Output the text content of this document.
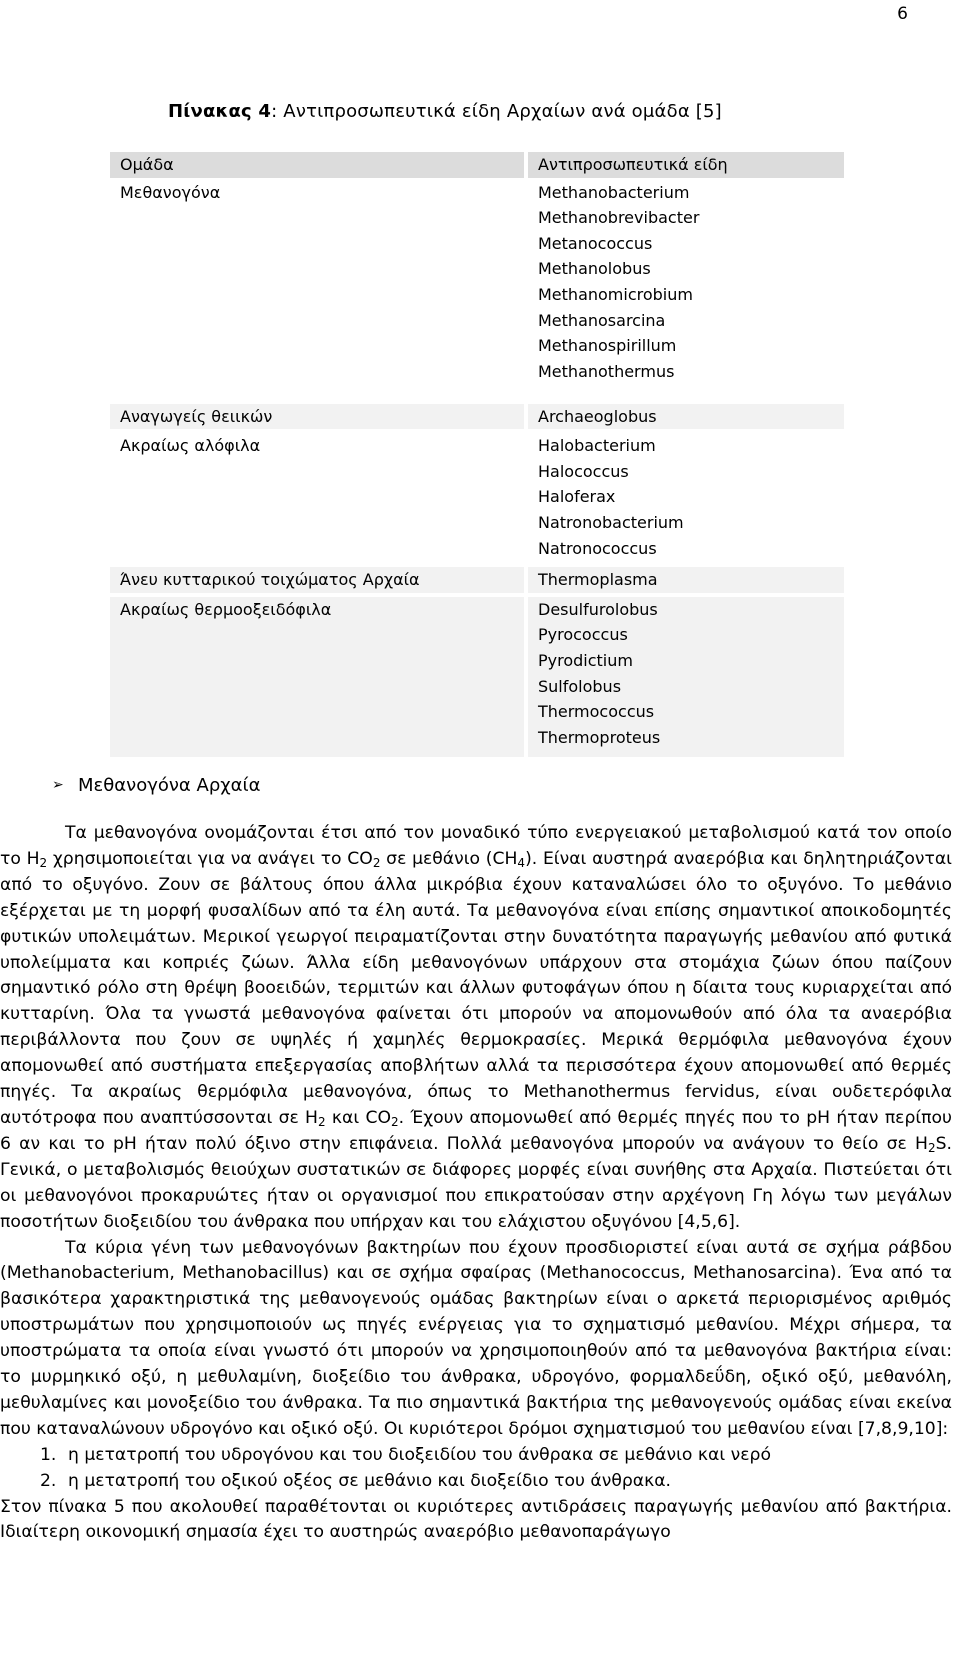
6
Πίνακας 4: Αντιπροσωπευτικά είδη Αρχαίων ανά ομάδα [5]
Ομάδα	Αντιπροσωπευτικά είδη
Μεθανογόνα	Methanobacterium
Methanobrevibacter
Metanococcus
Methanolobus
Methanomicrobium
Methanosarcina
Methanospirillum
Methanothermus
Αναγωγείς θειικών	Archaeoglobus
Ακραίως αλόφιλα	Halobacterium
Halococcus
Haloferax
Natronobacterium
Natronococcus
Άνευ κυτταρικού τοιχώματος Αρχαία	Thermoplasma
Ακραίως θερμοοξειδόφιλα	Desulfurolobus
Pyrococcus
Pyrodictium
Sulfolobus
Thermococcus
Thermoproteus
➢ Μεθανογόνα Αρχαία

Τα μεθανογόνα ονομάζονται έτσι από τον μοναδικό τύπο ενεργειακού μεταβολισμού κατά τον οποίο το $H_2$ χρησιμοποιείται για να ανάγει το $CO_2$ σε μεθάνιο $(CH_4)$. Είναι αυστηρά αναερόβια και δηλητηριάζονται από το οξυγόνο. Ζουν σε βάλτους όπου άλλα μικρόβια έχουν καταναλώσει όλο το οξυγόνο. Το μεθάνιο εξέρχεται με τη μορφή φυσαλίδων από τα έλη αυτά. Τα μεθανογόνα είναι επίσης σημαντικοί αποικοδομητές φυτικών υπολειμάτων. Μερικοί γεωργοί πειραματίζονται στην δυνατότητα παραγωγής μεθανίου από φυτικά υπολείμματα και κοπριές ζώων. Άλλα είδη μεθανογόνων υπάρχουν στα στομάχια ζώων όπου παίζουν σημαντικό ρόλο στη θρέψη βοοειδών, τερμιτών και άλλων φυτοφάγων όπου η δίαιτα τους κυριαρχείται από κυτταρίνη. Όλα τα γνωστά μεθανογόνα φαίνεται ότι μπορούν να απομονωθούν από όλα τα αναερόβια περιβάλλοντα που ζουν σε υψηλές ή χαμηλές θερμοκρασίες. Μερικά θερμόφιλα μεθανογόνα έχουν απομονωθεί από συστήματα επεξεργασίας αποβλήτων αλλά τα περισσότερα έχουν απομονωθεί από θερμές πηγές. Τα ακραίως θερμόφιλα μεθανογόνα, όπως το Methanothermus fervidus, είναι ουδετερόφιλα αυτότροφα που αναπτύσσονται σε $H_2$ και $CO_2$. Έχουν απομονωθεί από θερμές πηγές που το pH ήταν περίπου 6 αν και το pH ήταν πολύ όξινο στην επιφάνεια. Πολλά μεθανογόνα μπορούν να ανάγουν το θείο σε $H_2S$. Γενικά, ο μεταβολισμός θειούχων συστατικών σε διάφορες μορφές είναι συνήθης στα Αρχαία. Πιστεύεται ότι οι μεθανογόνοι προκαρυώτες ήταν οι οργανισμοί που επικρατούσαν στην αρχέγονη Γη λόγω των μεγάλων ποσοτήτων διοξειδίου του άνθρακα που υπήρχαν και του ελάχιστου οξυγόνου [4,5,6].

Τα κύρια γένη των μεθανογόνων βακτηρίων που έχουν προσδιοριστεί είναι αυτά σε σχήμα ράβδου (Methanobacterium, Methanobacillus) και σε σχήμα σφαίρας (Methanococcus, Methanosarcina). Ένα από τα βασικότερα χαρακτηριστικά της μεθανογενούς ομάδας βακτηρίων είναι ο αρκετά περιορισμένος αριθμός υποστρωμάτων που χρησιμοποιούν ως πηγές ενέργειας για το σχηματισμό μεθανίου. Μέχρι σήμερα, τα υποστρώματα τα οποία είναι γνωστό ότι μπορούν να χρησιμοποιηθούν από τα μεθανογόνα βακτήρια είναι: το μυρμηκικό οξύ, η μεθυλαμίνη, διοξείδιο του άνθρακα, υδρογόνο, φορμαλδεΰδη, οξικό οξύ, μεθανόλη, μεθυλαμίνες και μονοξείδιο του άνθρακα. Τα πιο σημαντικά βακτήρια της μεθανογενούς ομάδας είναι εκείνα που καταναλώνουν υδρογόνο και οξικό οξύ. Οι κυριότεροι δρόμοι σχηματισμού του μεθανίου είναι [7,8,9,10]:

1. η μετατροπή του υδρογόνου και του διοξειδίου του άνθρακα σε μεθάνιο και νερό
2. η μετατροπή του οξικού οξέος σε μεθάνιο και διοξείδιο του άνθρακα.

Στον πίνακα 5 που ακολουθεί παραθέτονται οι κυριότερες αντιδράσεις παραγωγής μεθανίου από βακτήρια. Ιδιαίτερη οικονομική σημασία έχει το αυστηρώς αναερόβιο μεθανοπαράγωγο
